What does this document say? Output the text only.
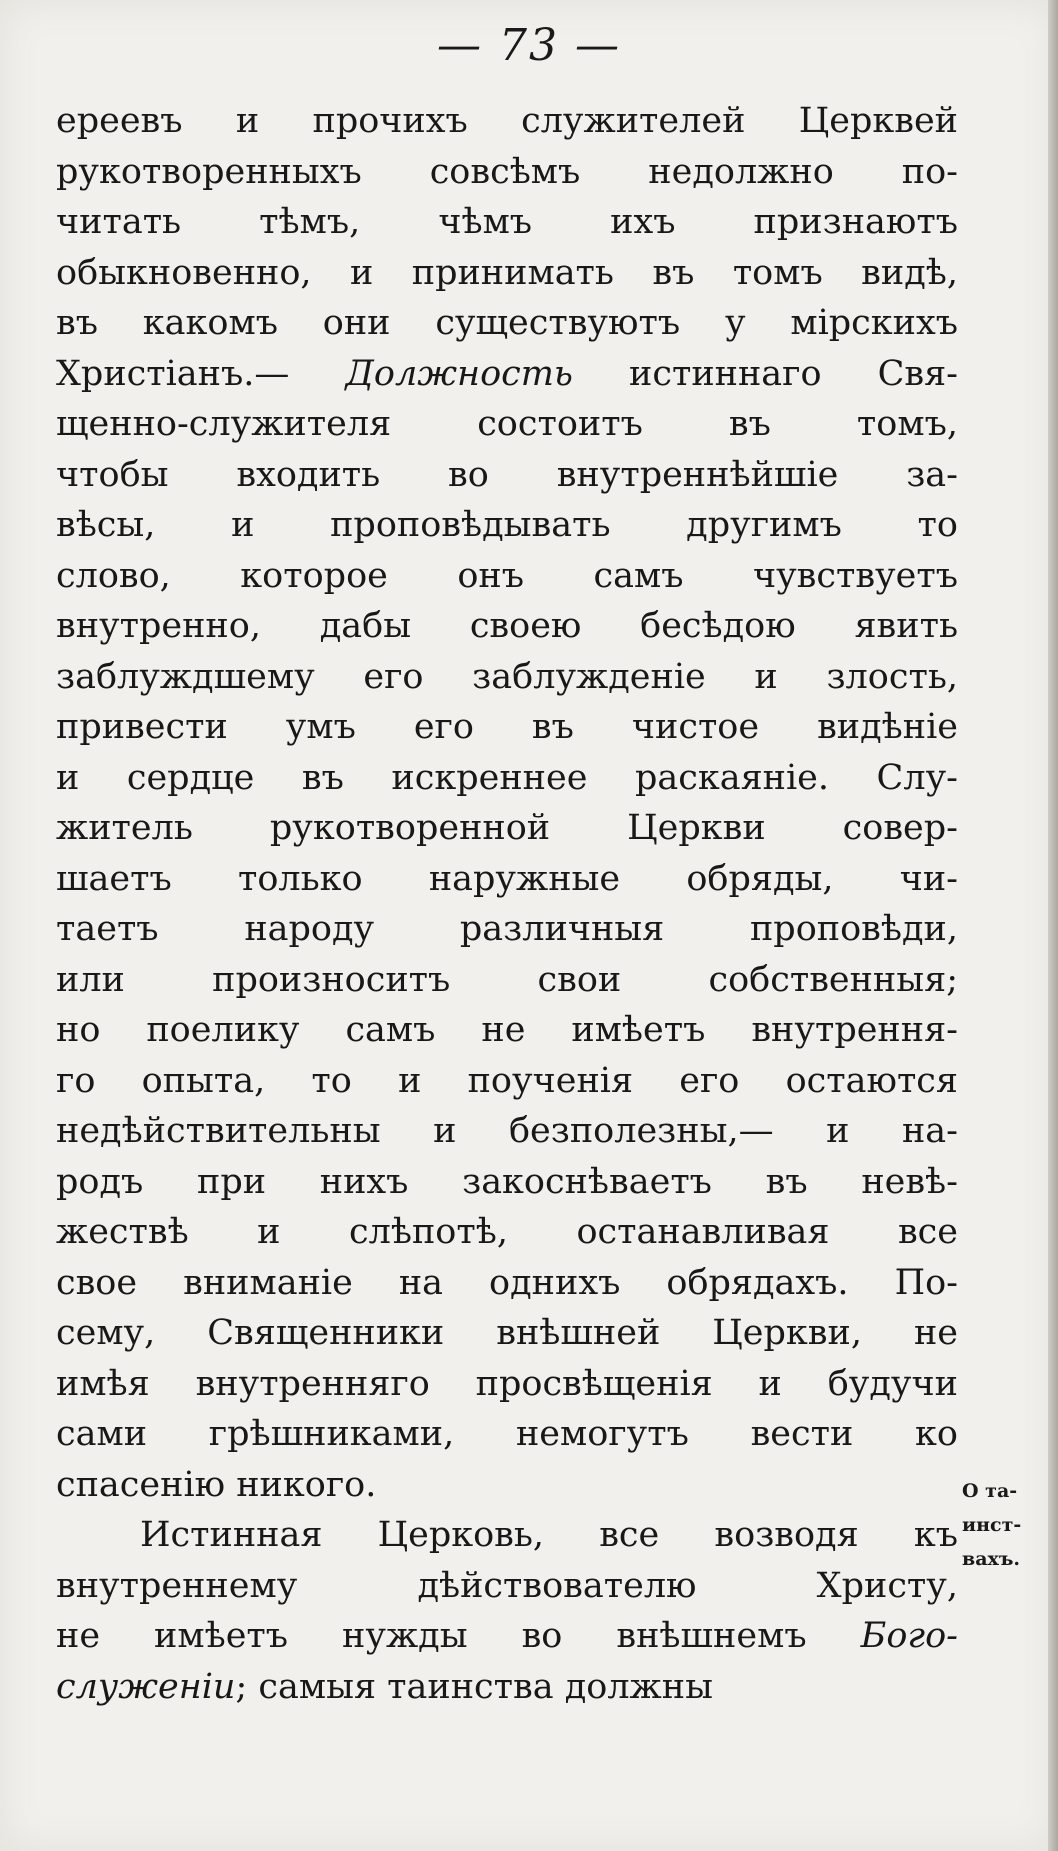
— 73 —
ереевъ и прочихъ служителей Церквей
рукотворенныхъ совсѣмъ недолжно по-
читать тѣмъ, чѣмъ ихъ признаютъ
обыкновенно, и принимать въ томъ видѣ,
въ какомъ они существуютъ у мірскихъ
Христіанъ.— Должность истиннаго Свя-
щенно-служителя состоитъ въ томъ,
чтобы входить во внутреннѣйшіе за-
вѣсы, и проповѣдывать другимъ то
слово, которое онъ самъ чувствуетъ
внутренно, дабы своею бесѣдою явить
заблуждшему его заблужденіе и злость,
привести умъ его въ чистое видѣніе
и сердце въ искреннее раскаяніе. Слу-
житель рукотворенной Церкви совер-
шаетъ только наружные обряды, чи-
таетъ народу различныя проповѣди,
или произноситъ свои собственныя;
но поелику самъ не имѣетъ внутрення-
го опыта, то и поученія его остаются
недѣйствительны и безполезны,— и на-
родъ при нихъ закоснѣваетъ въ невѣ-
жествѣ и слѣпотѣ, останавливая все
свое вниманіе на однихъ обрядахъ. По-
сему, Священники внѣшней Церкви, не
имѣя внутренняго просвѣщенія и будучи
сами грѣшниками, немогутъ вести ко
спасенію никого.
Истинная Церковь, все возводя къ
внутреннему дѣйствователю Христу,
не имѣетъ нужды во внѣшнемъ Бого-
служеніи; самыя таинства должны
О та-
инст-
вахъ.
